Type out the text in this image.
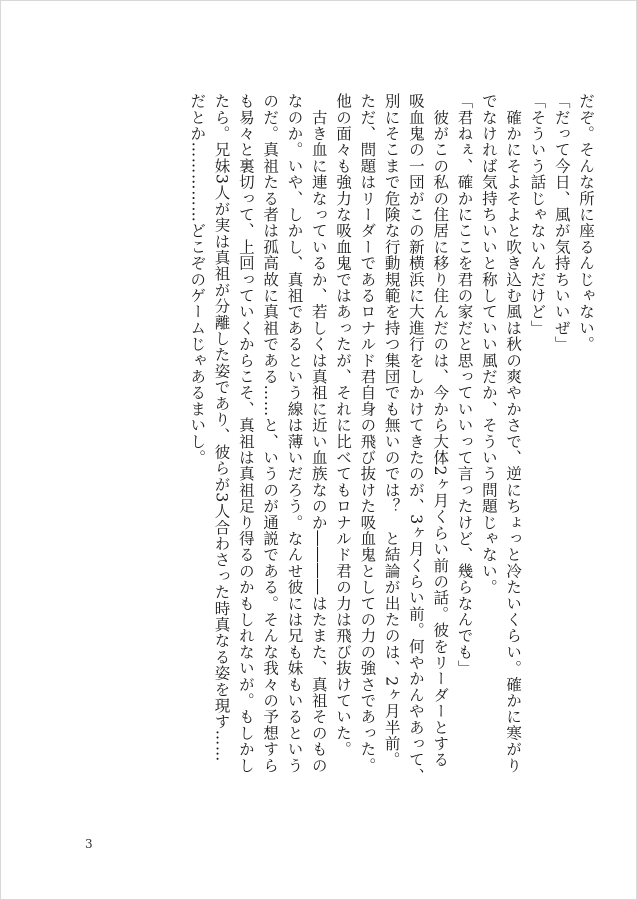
だぞ。そんな所に座るんじゃない。

「だって今日、風が気持ちいいぜ」

「そういう話じゃないんだけど」

　確かにそよそよと吹き込む風は秋の爽やかさで、逆にちょっと冷たいくらい。確かに寒がり

でなければ気持ちいいと称していい風だか、そういう問題じゃない。

「君ねぇ、確かにここを君の家だと思っていいって言ったけど、幾らなんでも」

　彼がこの私の住居に移り住んだのは、今から大体2ヶ月くらい前の話。彼をリーダーとする

吸血鬼の一団がこの新横浜に大進行をしかけてきたのが、3ヶ月くらい前。何やかんやあって、

別にそこまで危険な行動規範を持つ集団でも無いのでは？　と結論が出たのは、2ヶ月半前。

ただ、問題はリーダーであるロナルド君自身の飛び抜けた吸血鬼としての力の強さであった。

他の面々も強力な吸血鬼ではあったが、それに比べてもロナルド君の力は飛び抜けていた。

　古き血に連なっているか、若しくは真祖に近い血族なのか――――はたまた、真祖そのもの

なのか。いや、しかし、真祖であるという線は薄いだろう。なんせ彼には兄も妹もいるという

のだ。真祖たる者は孤高故に真祖である……と、いうのが通説である。そんな我々の予想すら

も易々と裏切って、上回っていくからこそ、真祖は真祖足り得るのかもしれないが。もしかし

たら。兄妹3人が実は真祖が分離した姿であり、彼らが3人合わさった時真なる姿を現す……

だとか……………どこぞのゲームじゃあるまいし。

3
